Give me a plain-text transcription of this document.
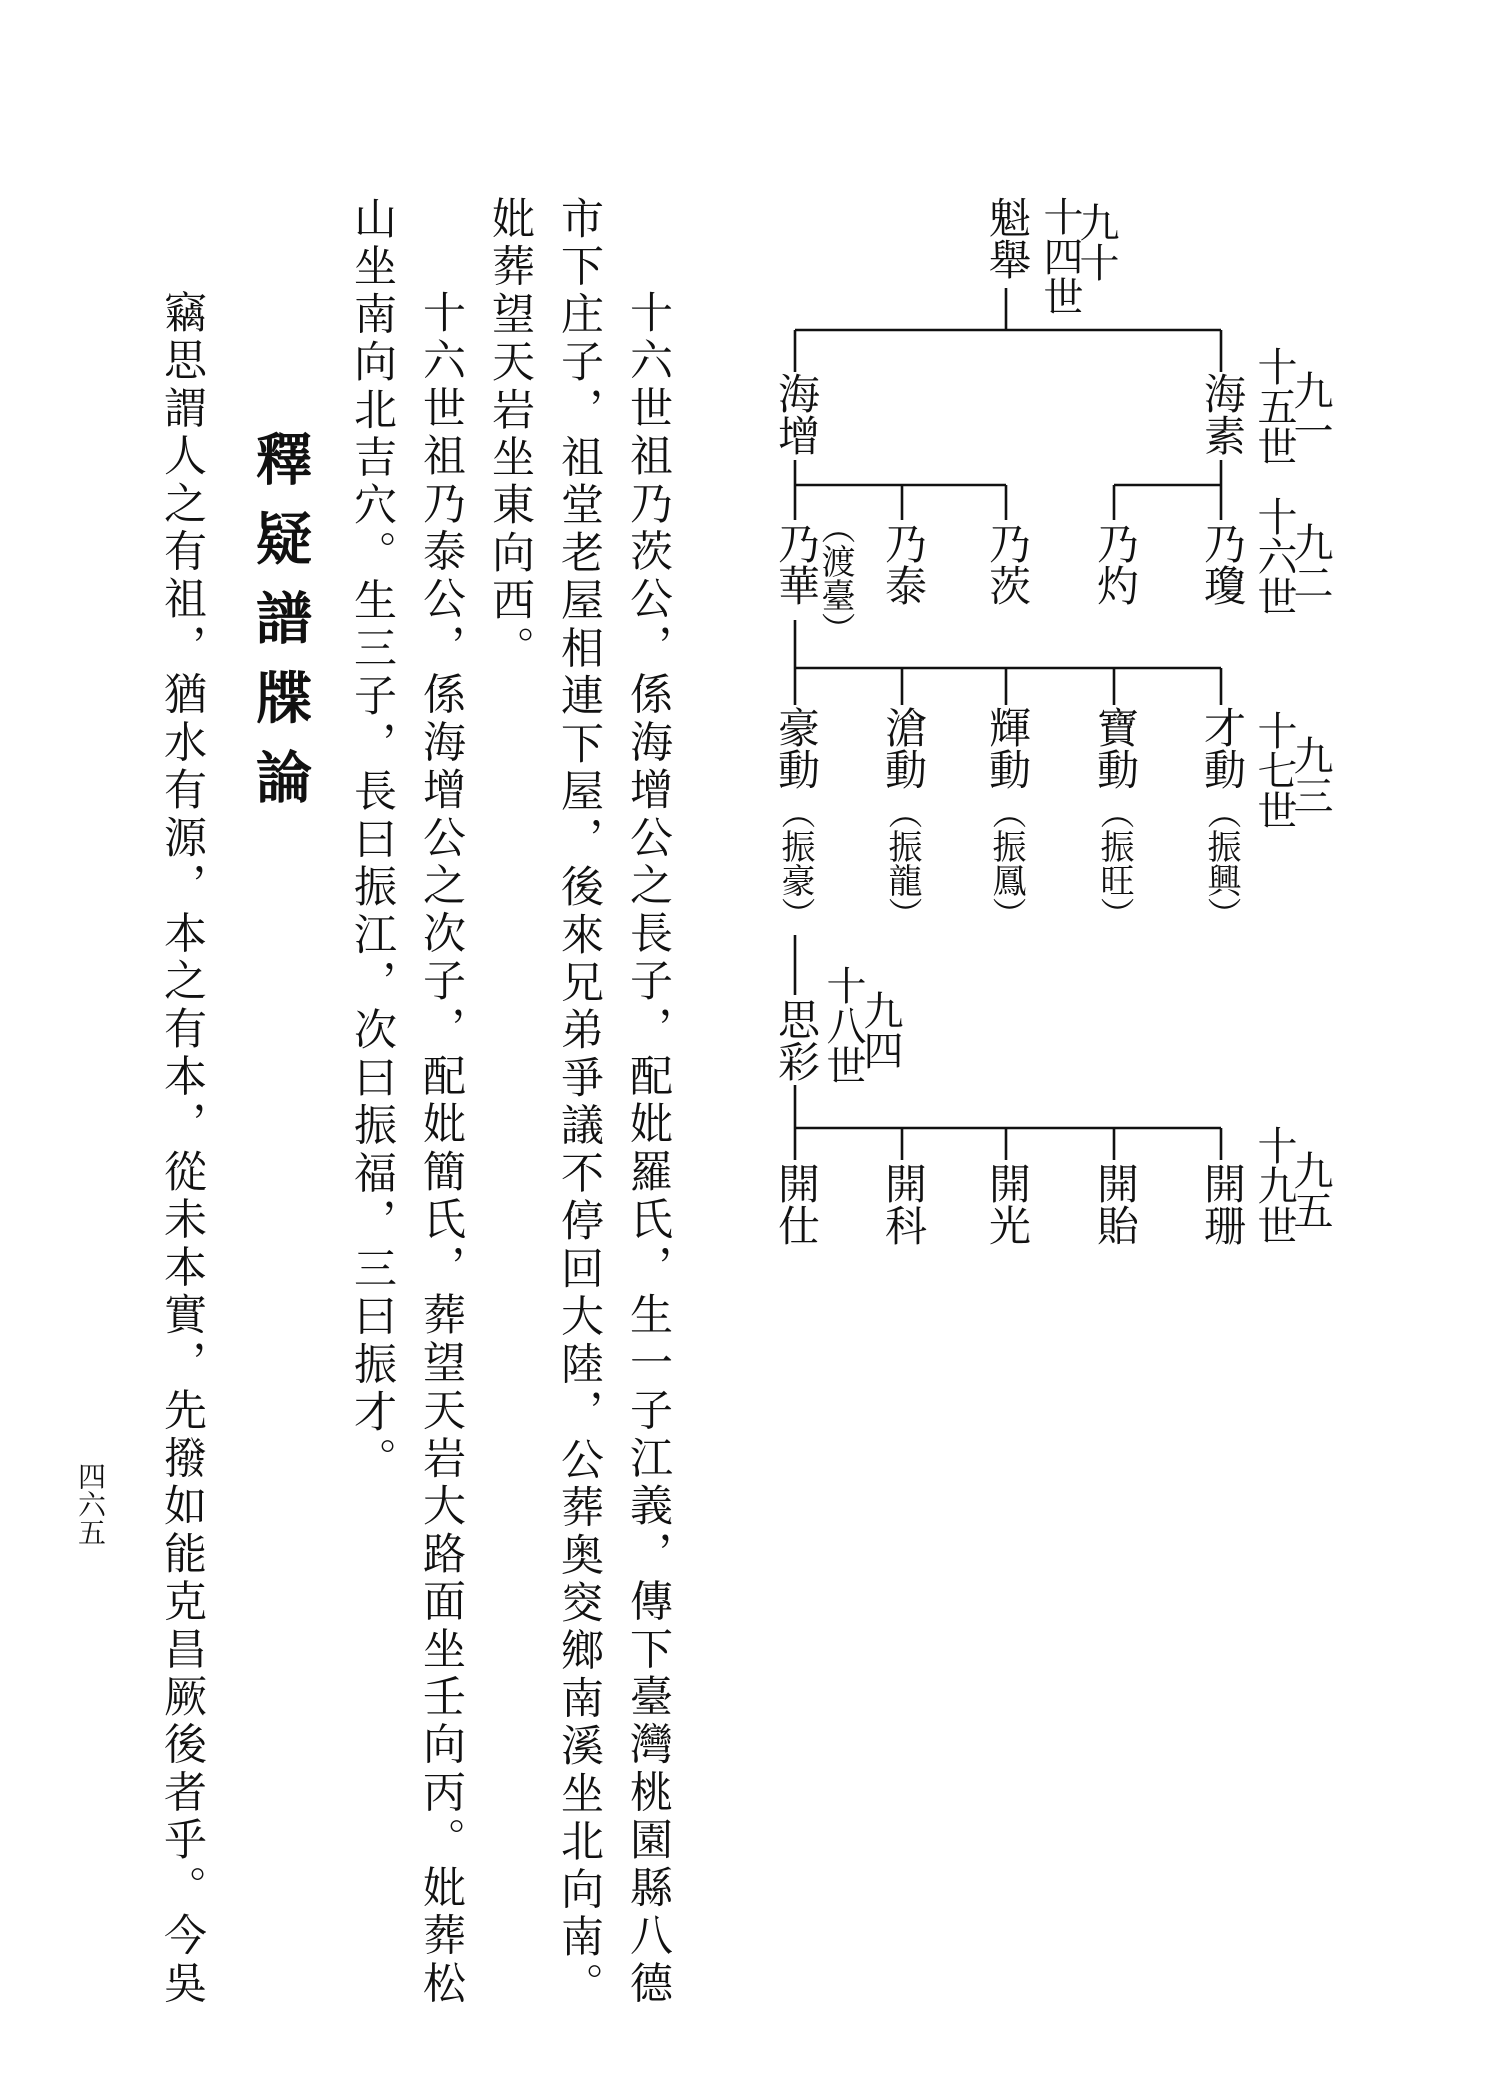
九十
十四世
魁舉
九一
十五世
海素
海增
九二
十六世
乃瓊
乃灼
乃茨
乃泰
（渡臺）
乃華
九三
十七世
才動
（振興）
寶動
（振旺）
輝動
（振鳳）
滄動
（振龍）
豪動
（振豪）
九四
十八世
思彩
九五
十九世
開珊
開貽
開光
開科
開仕
十六世祖乃茨公，係海增公之長子，配妣羅氏，生一子江義，傳下臺灣桃園縣八德
市下庄子，祖堂老屋相連下屋，後來兄弟爭議不停回大陸，公葬奥窔鄉南溪坐北向南。
妣葬望天岩坐東向西。
十六世祖乃泰公，係海增公之次子，配妣簡氏，葬望天岩大路面坐壬向丙。妣葬松
山坐南向北吉穴。生三子，長曰振江，次曰振福，三曰振才。
釋疑譜牒論
竊思謂人之有祖，猶水有源，本之有本，從未本實，先撥如能克昌厥後者乎。今吳
四六五
